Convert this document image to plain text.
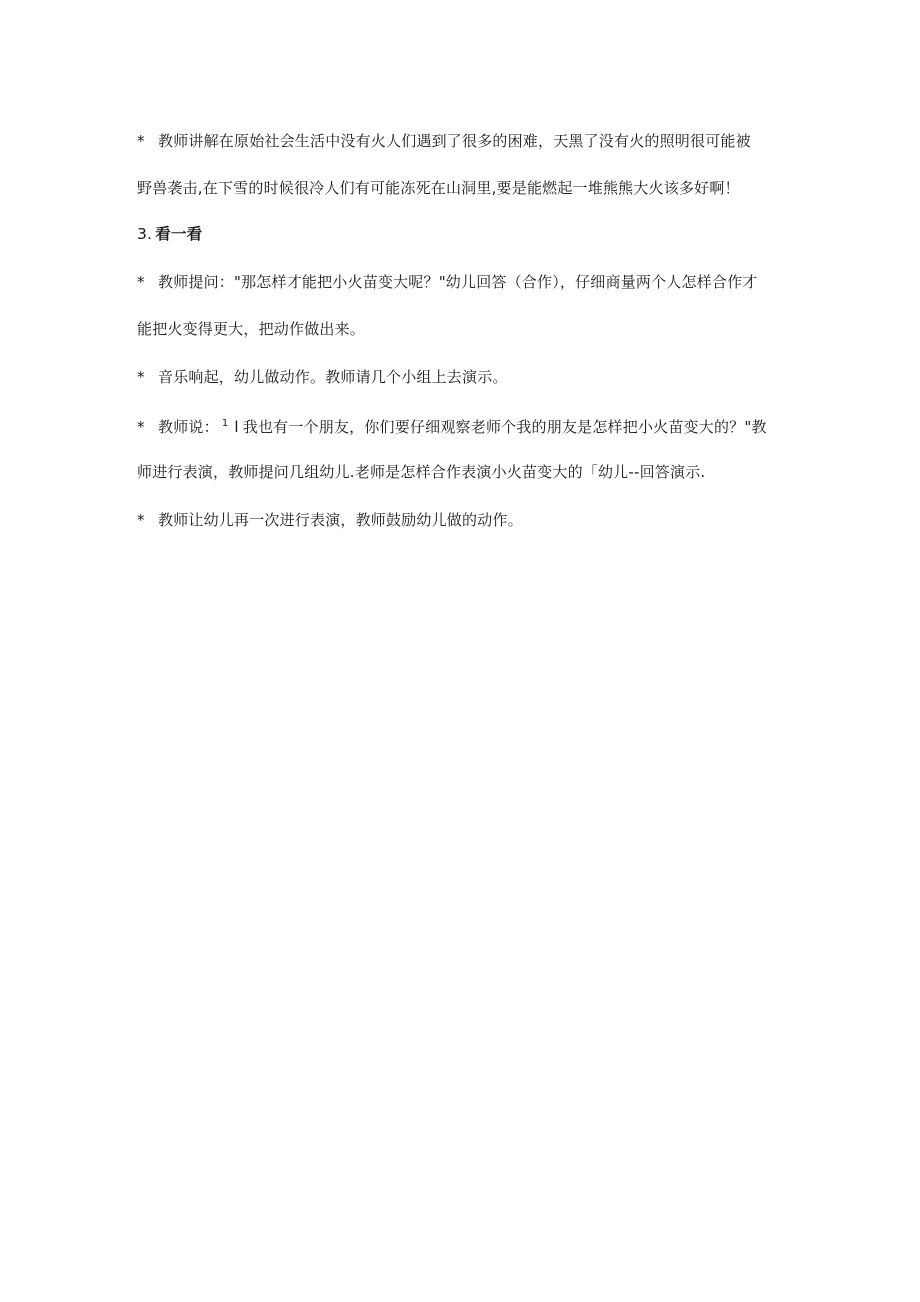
* 教师讲解在原始社会生活中没有火人们遇到了很多的困难，天黑了没有火的照明很可能被
野兽袭击,在下雪的时候很冷人们有可能冻死在山洞里,要是能燃起一堆熊熊大火该多好啊！
3. 看一看
* 教师提问："那怎样才能把小火苗变大呢？"幼儿回答（合作），仔细商量两个人怎样合作才
能把火变得更大，把动作做出来。
* 音乐响起，幼儿做动作。教师请几个小组上去演示。
* 教师说： $^1$ l 我也有一个朋友，你们要仔细观察老师个我的朋友是怎样把小火苗变大的？"教
师进行表演，教师提问几组幼儿.老师是怎样合作表演小火苗变大的「幼儿--回答演示.
* 教师让幼儿再一次进行表演，教师鼓励幼儿做的动作。
